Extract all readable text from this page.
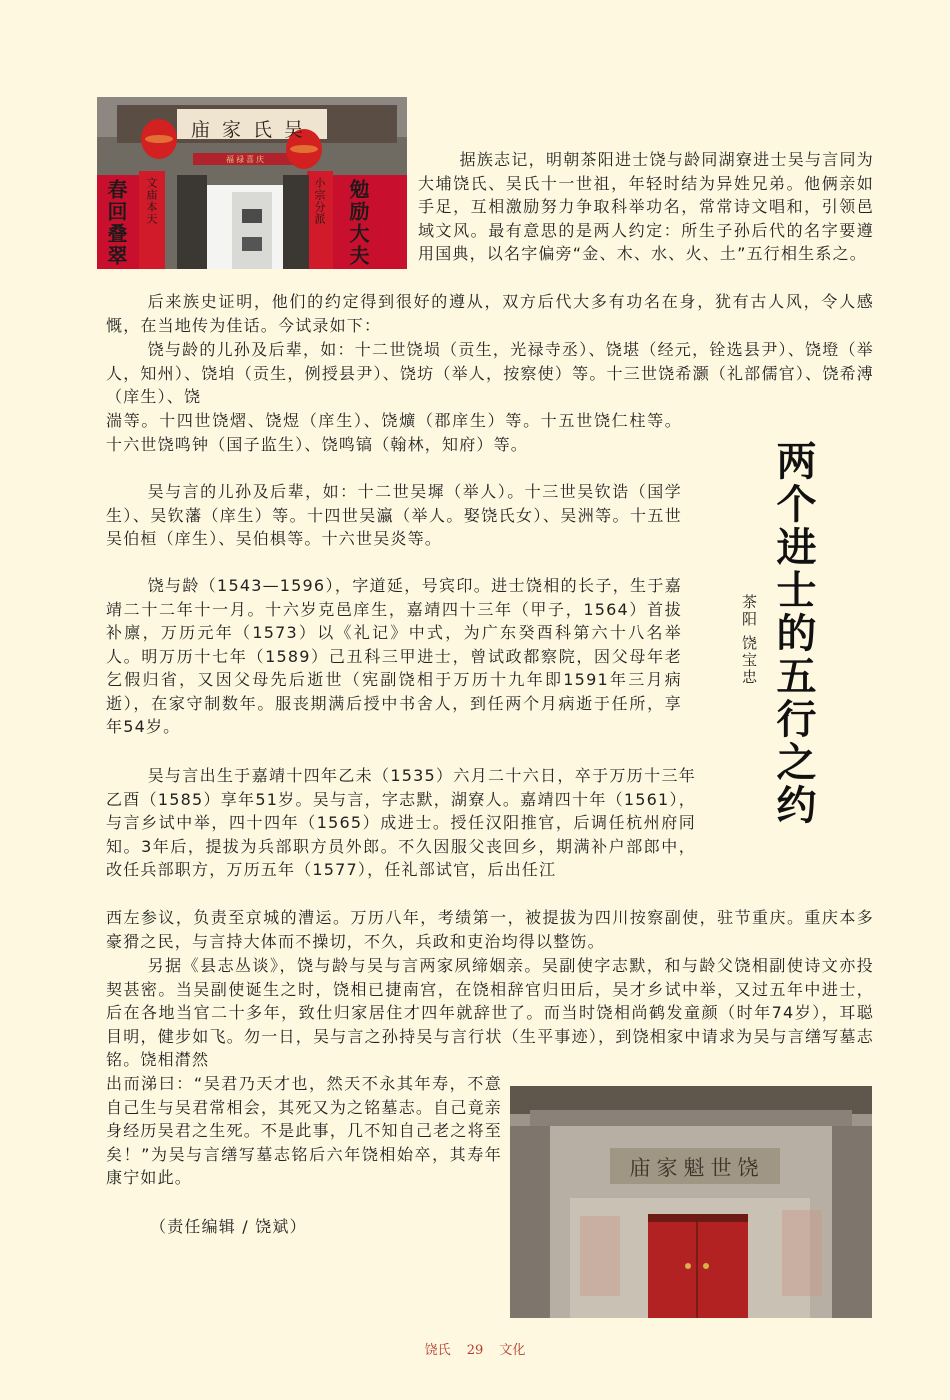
吴氏家庙
福禄喜庆
春回叠翠 文庙本天	小宗分派 勉励大夫
两个进士的五行之约
茶阳 饶宝忠

据族志记，明朝茶阳进士饶与龄同湖寮进士吴与言同为大埔饶氏、吴氏十一世祖，年轻时结为异姓兄弟。他俩亲如手足，互相激励努力争取科举功名，常常诗文唱和，引领邑域文风。最有意思的是两人约定：所生子孙后代的名字要遵用国典，以名字偏旁“金、木、水、火、土”五行相生系之。

后来族史证明，他们的约定得到很好的遵从，双方后代大多有功名在身，犹有古人风，令人感慨，在当地传为佳话。今试录如下：

饶与龄的儿孙及后辈，如：十二世饶埙（贡生，光禄寺丞）、饶堪（经元，铨选县尹）、饶墱（举人，知州）、饶垍（贡生，例授县尹）、饶坊（举人，按察使）等。十三世饶希灏（礼部儒官）、饶希溥（庠生）、饶

湍等。十四世饶熠、饶煜（庠生）、饶爌（郡庠生）等。十五世饶仁柱等。十六世饶鸣钟（国子监生）、饶鸣镐（翰林，知府）等。

吴与言的儿孙及后辈，如：十二世吴墀（举人）。十三世吴钦诰（国学生）、吴钦藩（庠生）等。十四世吴瀛（举人。娶饶氏女）、吴洲等。十五世吴伯桓（庠生）、吴伯椇等。十六世吴炎等。

饶与龄（1543—1596），字道延，号宾印。进士饶相的长子，生于嘉靖二十二年十一月。十六岁克邑庠生，嘉靖四十三年（甲子，1564）首拔补廪，万历元年（1573）以《礼记》中式，为广东癸酉科第六十八名举人。明万历十七年（1589）己丑科三甲进士，曾试政都察院，因父母年老乞假归省，又因父母先后逝世（宪副饶相于万历十九年即1591年三月病逝），在家守制数年。服丧期满后授中书舍人，到任两个月病逝于任所，享年54岁。

吴与言出生于嘉靖十四年乙未（1535）六月二十六日，卒于万历十三年乙酉（1585）享年51岁。吴与言，字志默，湖寮人。嘉靖四十年（1561），与言乡试中举，四十四年（1565）成进士。授任汉阳推官，后调任杭州府同知。3年后，提拔为兵部职方员外郎。不久因服父丧回乡，期满补户部郎中，改任兵部职方，万历五年（1577），任礼部试官，后出任江

西左参议，负责至京城的漕运。万历八年，考绩第一，被提拔为四川按察副使，驻节重庆。重庆本多豪猾之民，与言持大体而不操切，不久，兵政和吏治均得以整饬。

另据《县志丛谈》，饶与龄与吴与言两家夙缔姻亲。吴副使字志默，和与龄父饶相副使诗文亦投契甚密。当吴副使诞生之时，饶相已捷南宫，在饶相辞官归田后，吴才乡试中举，又过五年中进士，后在各地当官二十多年，致仕归家居住才四年就辞世了。而当时饶相尚鹤发童颜（时年74岁），耳聪目明，健步如飞。勿一日，吴与言之孙持吴与言行状（生平事迹），到饶相家中请求为吴与言缮写墓志铭。饶相潸然

出而涕曰：“吴君乃天才也，然天不永其年寿，不意自己生与吴君常相会，其死又为之铭墓志。自己竟亲身经历吴君之生死。不是此事，几不知自己老之将至矣！”为吴与言缮写墓志铭后六年饶相始卒，其寿年康宁如此。

（责任编辑 / 饶斌）

饶世魁家庙
饶氏 29 文化
